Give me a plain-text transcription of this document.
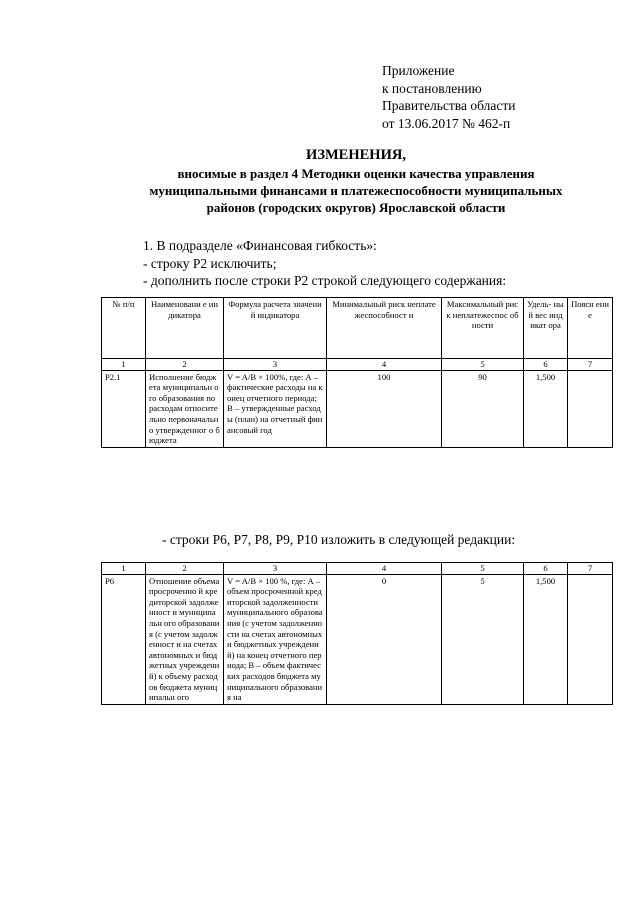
Приложение
к постановлению
Правительства области
от 13.06.2017 № 462-п
ИЗМЕНЕНИЯ,
вносимые в раздел 4 Методики оценки качества управления
муниципальными финансами и платежеспособности муниципальных
районов (городских округов) Ярославской области
1. В подразделе «Финансовая гибкость»:
- строку Р2 исключить;
- дополнить после строки Р2 строкой следующего содержания:
№ п/п	Наименовани е индикатора	Формула расчета значений индикатора	Минимальный риск неплатежеспособност и	Максимальный риск неплатежеспос обности	Удель- ный вес индикат ора	Поясн ение
1	2	3	4	5	6	7
Р2.1	Исполнение бюджета муниципальн ого образования по расходам относительно первоначальн о утвержденног о бюджета	V = A/B × 100%, где: А – фактические расходы на конец отчетного периода; В – утвержденные расходы (план) на отчетный финансовый год	100	90	1,500	
- строки Р6, Р7, Р8, Р9, Р10 изложить в следующей редакции:
1	2	3	4	5	6	7
Р6	Отношение объема просроченно й кредиторской задолженност и муниципальн ого образования (с учетом задолженност и на счетах автономных и бюджетных учреждений) к объему расходов бюджета муниципальн ого	V = A/B × 100 %, где: А – объем просроченной кредиторской задолженности муниципального образования (с учетом задолженности на счетах автономных и бюджетных учреждений) на конец отчетного периода; В – объем фактических расходов бюджета муниципального образования на	0	5	1,500	
